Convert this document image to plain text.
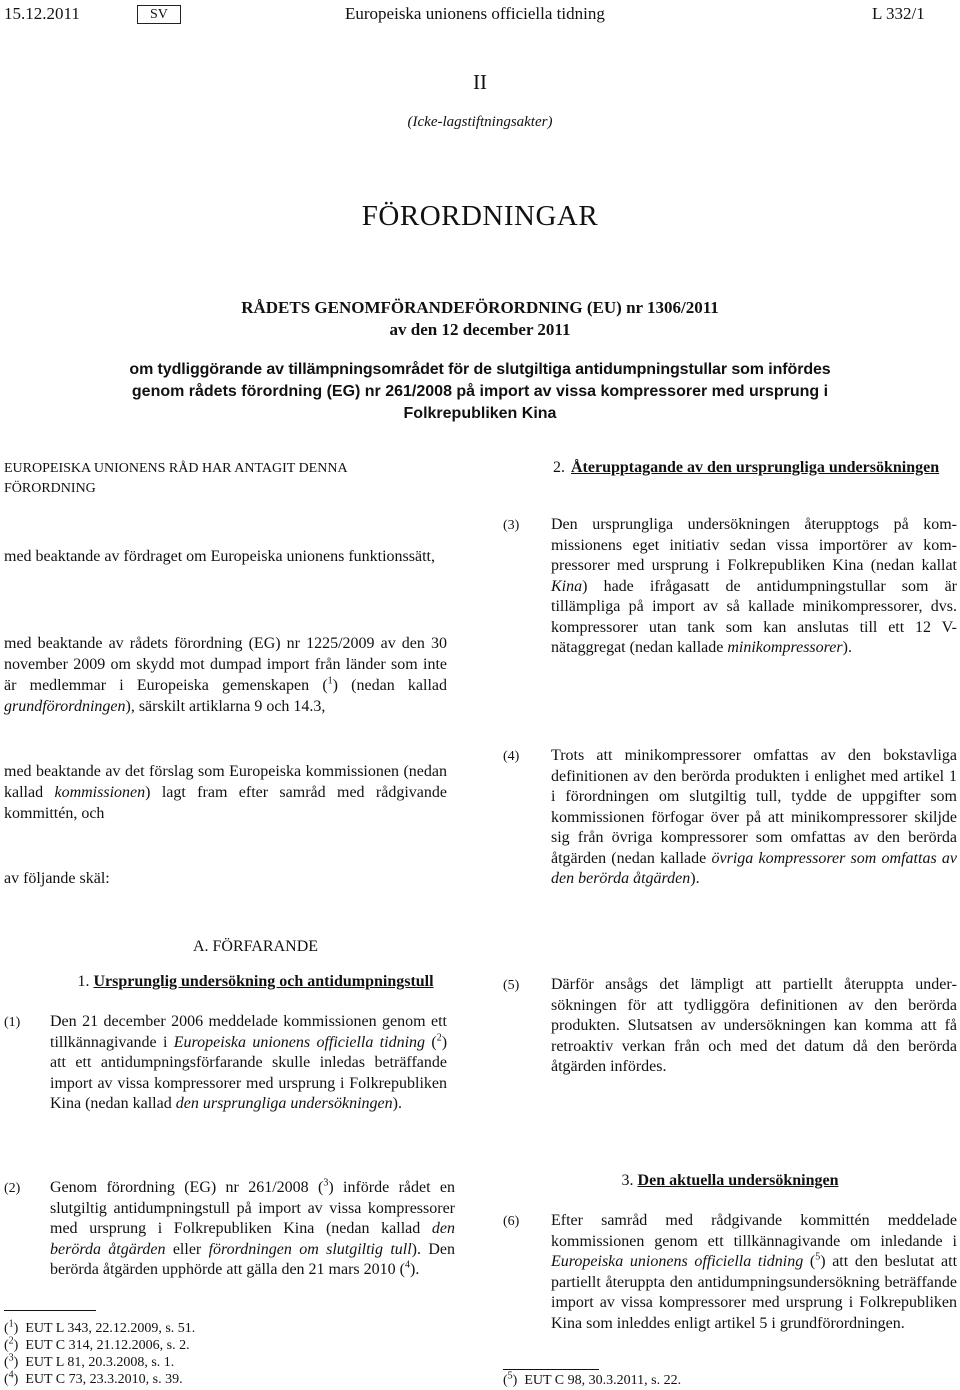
15.12.2011	SV	Europeiska unionens officiella tidning	L 332/1
II
(Icke-lagstiftningsakter)
FÖRORDNINGAR
RÅDETS GENOMFÖRANDEFÖRORDNING (EU) nr 1306/2011
av den 12 december 2011
om tydliggörande av tillämpningsområdet för de slutgiltiga antidumpningstullar som infördes
genom rådets förordning (EG) nr 261/2008 på import av vissa kompressorer med ursprung i
Folkrepubliken Kina
EUROPEISKA UNIONENS RÅD HAR ANTAGIT DENNA
FÖRORDNING
med beaktande av fördraget om Europeiska unionens funktionssätt,
med beaktande av rådets förordning (EG) nr 1225/2009 av den 30 november 2009 om skydd mot dumpad import från länder som inte är medlemmar i Europeiska gemenskapen ($^1$) (nedan kallad grundförordningen), särskilt artiklarna 9 och 14.3,
med beaktande av det förslag som Europeiska kommissionen (nedan kallad kommissionen) lagt fram efter samråd med rådgivande kommittén, och
av följande skäl:
A. FÖRFARANDE
1. Ursprunglig undersökning och antidumpningstull
(1) Den 21 december 2006 meddelade kommissionen genom ett tillkännagivande i Europeiska unionens officiella tidning ($^2$) att ett antidumpningsförfarande skulle inledas beträffande import av vissa kompressorer med ursprung i Folkrepubliken Kina (nedan kallad den ursprungliga undersökningen).
(2) Genom förordning (EG) nr 261/2008 ($^3$) införde rådet en slutgiltig antidumpningstull på import av vissa kompressorer med ursprung i Folkrepubliken Kina (nedan kallad den berörda åtgärden eller förordningen om slutgiltig tull). Den berörda åtgärden upphörde att gälla den 21 mars 2010 ($^4$).
($^1$)  EUT L 343, 22.12.2009, s. 51.
($^2$)  EUT C 314, 21.12.2006, s. 2.
($^3$)  EUT L 81, 20.3.2008, s. 1.
($^4$)  EUT C 73, 23.3.2010, s. 39.
2. Återupptagande av den ursprungliga undersökningen
(3) Den ursprungliga undersökningen återupptogs på kommissionens eget initiativ sedan vissa importörer av kompressorer med ursprung i Folkrepubliken Kina (nedan kallat Kina) hade ifrågasatt de antidumpningstullar som är tillämpliga på import av så kallade minikompressorer, dvs. kompressorer utan tank som kan anslutas till ett 12 V-nätaggregat (nedan kallade minikompressorer).
(4) Trots att minikompressorer omfattas av den bokstavliga definitionen av den berörda produkten i enlighet med artikel 1 i förordningen om slutgiltig tull, tydde de uppgifter som kommissionen förfogar över på att minikompressorer skiljde sig från övriga kompressorer som omfattas av den berörda åtgärden (nedan kallade övriga kompressorer som omfattas av den berörda åtgärden).
(5) Därför ansågs det lämpligt att partiellt återuppta undersökningen för att tydliggöra definitionen av den berörda produkten. Slutsatsen av undersökningen kan komma att få retroaktiv verkan från och med det datum då den berörda åtgärden infördes.
3. Den aktuella undersökningen
(6) Efter samråd med rådgivande kommittén meddelade kommissionen genom ett tillkännagivande om inledande i Europeiska unionens officiella tidning ($^5$) att den beslutat att partiellt återuppta den antidumpningsundersökning beträffande import av vissa kompressorer med ursprung i Folkrepubliken Kina som inleddes enligt artikel 5 i grundförordningen.
($^5$)  EUT C 98, 30.3.2011, s. 22.
